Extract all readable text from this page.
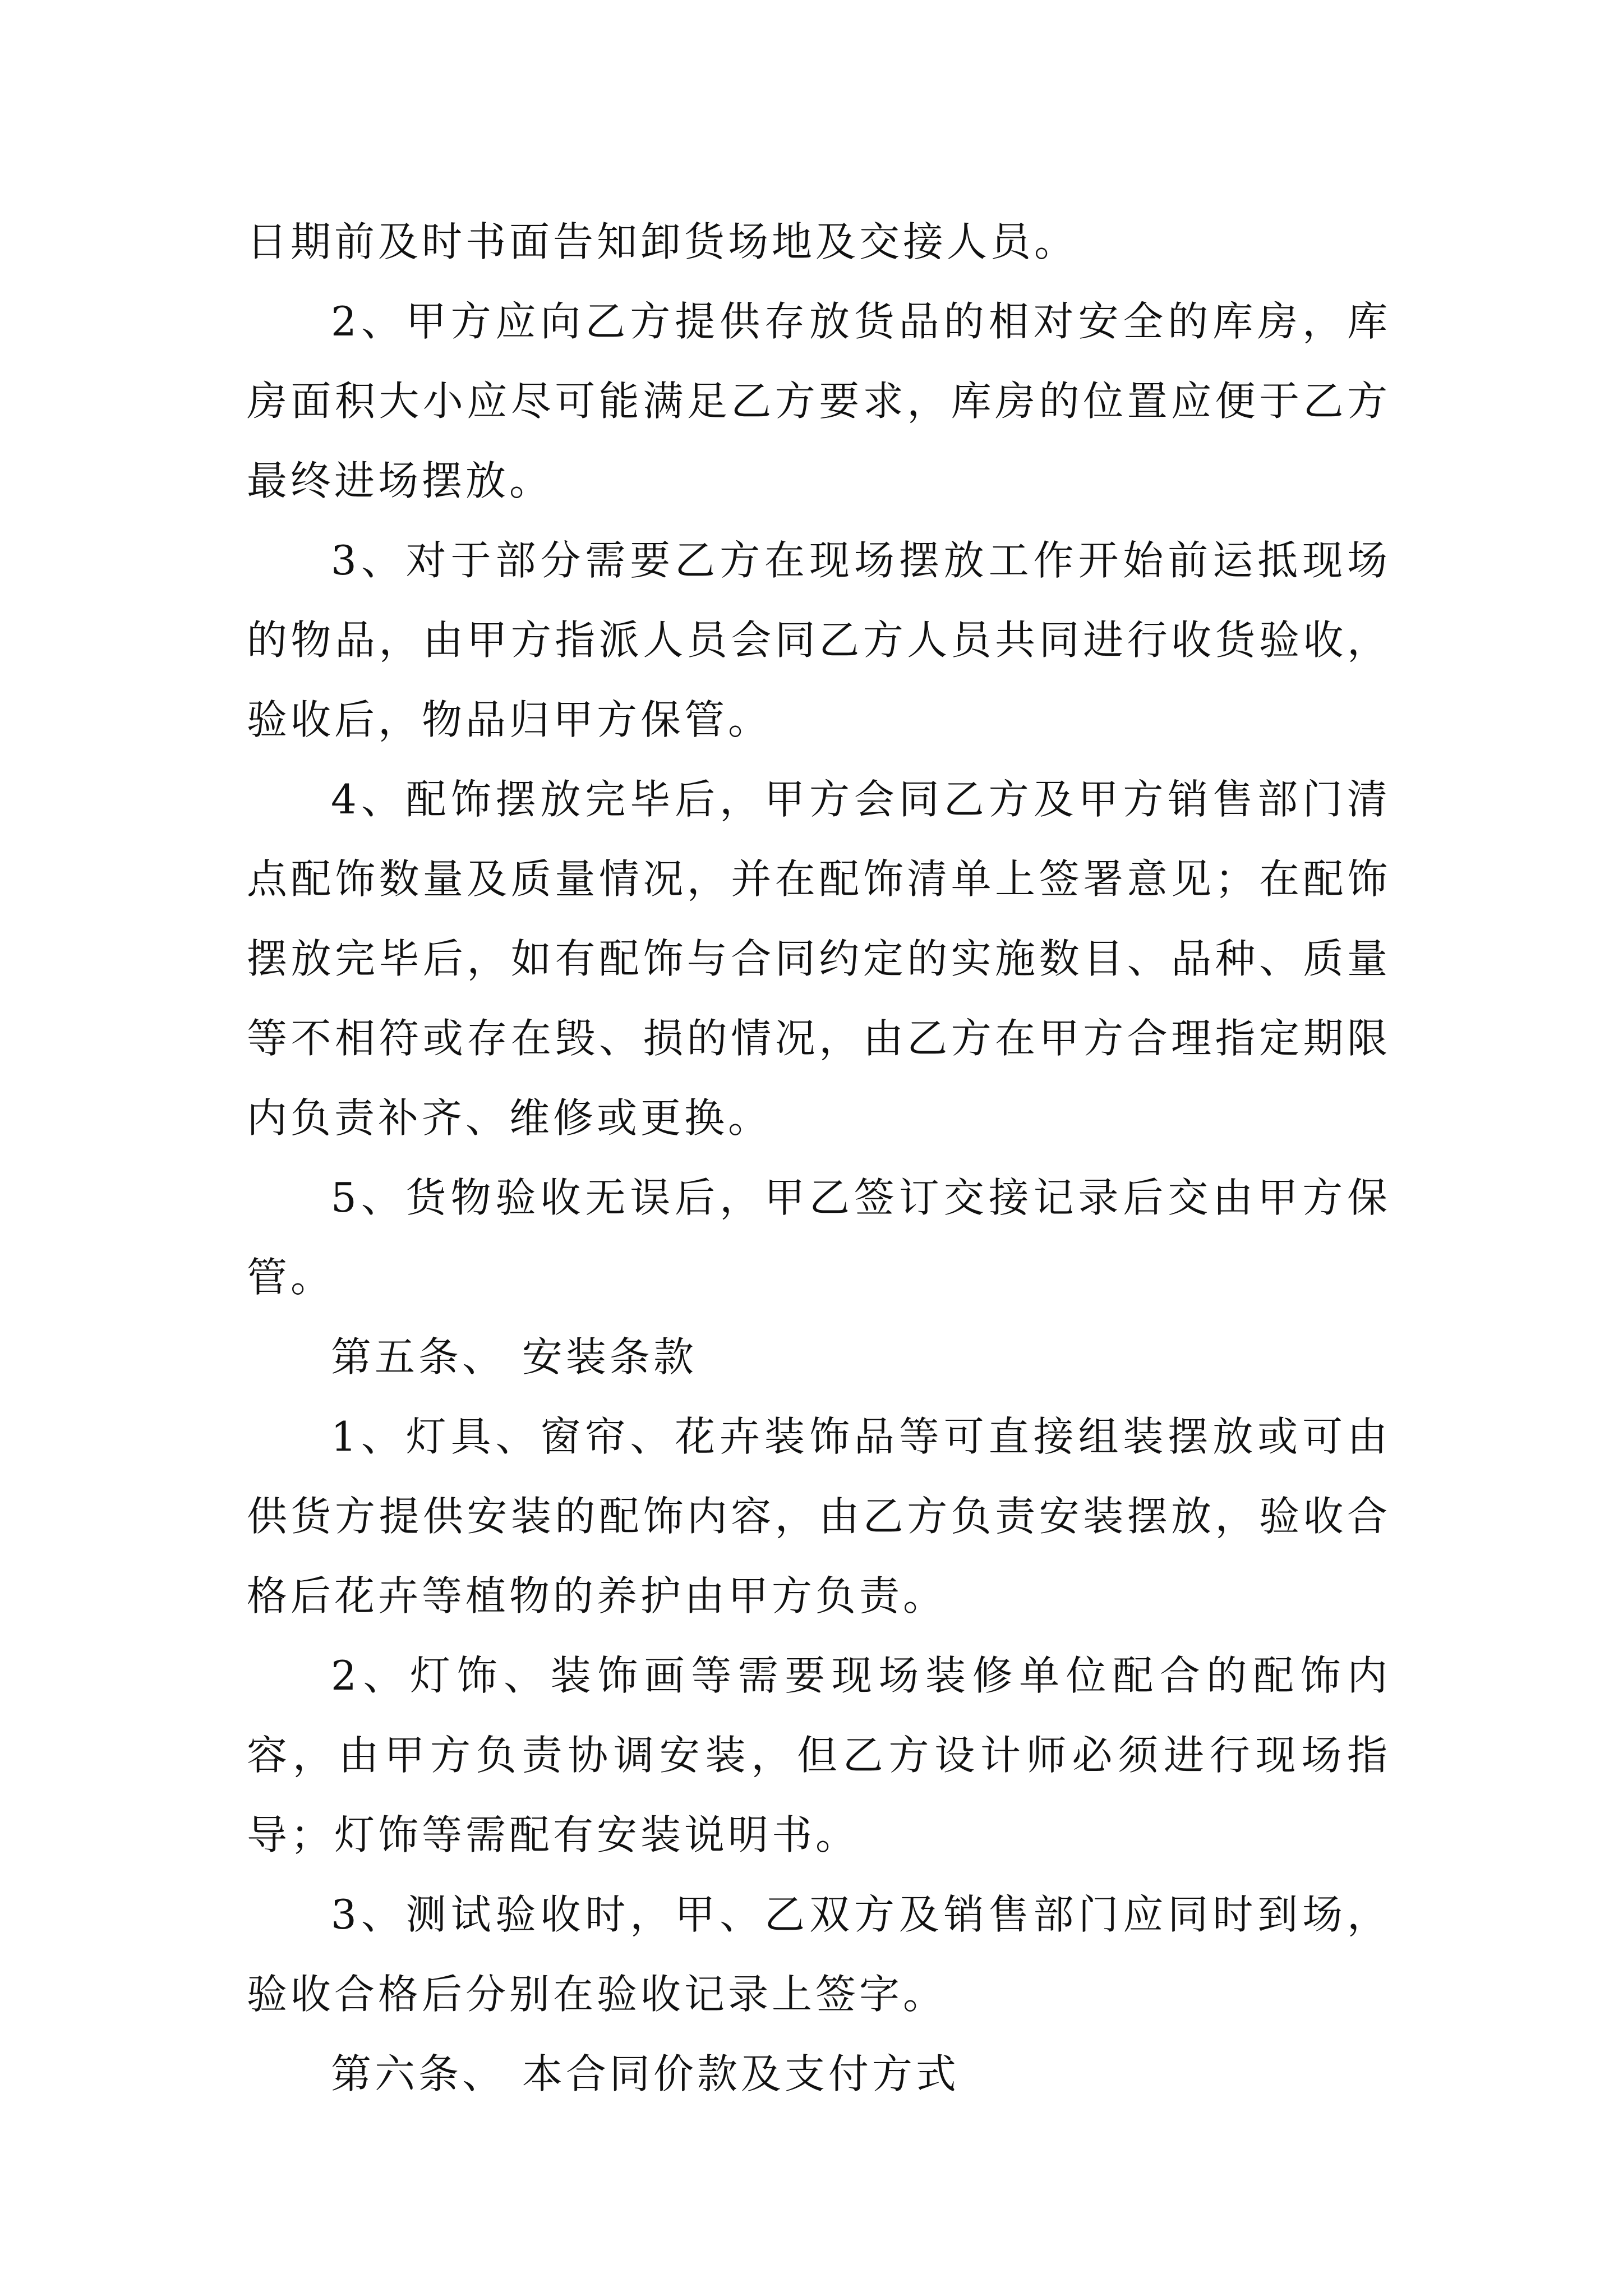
日期前及时书面告知卸货场地及交接人员。

2、甲方应向乙方提供存放货品的相对安全的库房，库房面积大小应尽可能满足乙方要求，库房的位置应便于乙方最终进场摆放。

3、对于部分需要乙方在现场摆放工作开始前运抵现场的物品，由甲方指派人员会同乙方人员共同进行收货验收，验收后，物品归甲方保管。

4、配饰摆放完毕后，甲方会同乙方及甲方销售部门清点配饰数量及质量情况，并在配饰清单上签署意见；在配饰摆放完毕后，如有配饰与合同约定的实施数目、品种、质量等不相符或存在毁、损的情况，由乙方在甲方合理指定期限内负责补齐、维修或更换。

5、货物验收无误后，甲乙签订交接记录后交由甲方保管。

第五条、 安装条款

1、灯具、窗帘、花卉装饰品等可直接组装摆放或可由供货方提供安装的配饰内容，由乙方负责安装摆放，验收合格后花卉等植物的养护由甲方负责。

2、灯饰、装饰画等需要现场装修单位配合的配饰内容，由甲方负责协调安装，但乙方设计师必须进行现场指导；灯饰等需配有安装说明书。

3、测试验收时，甲、乙双方及销售部门应同时到场，验收合格后分别在验收记录上签字。

第六条、 本合同价款及支付方式
